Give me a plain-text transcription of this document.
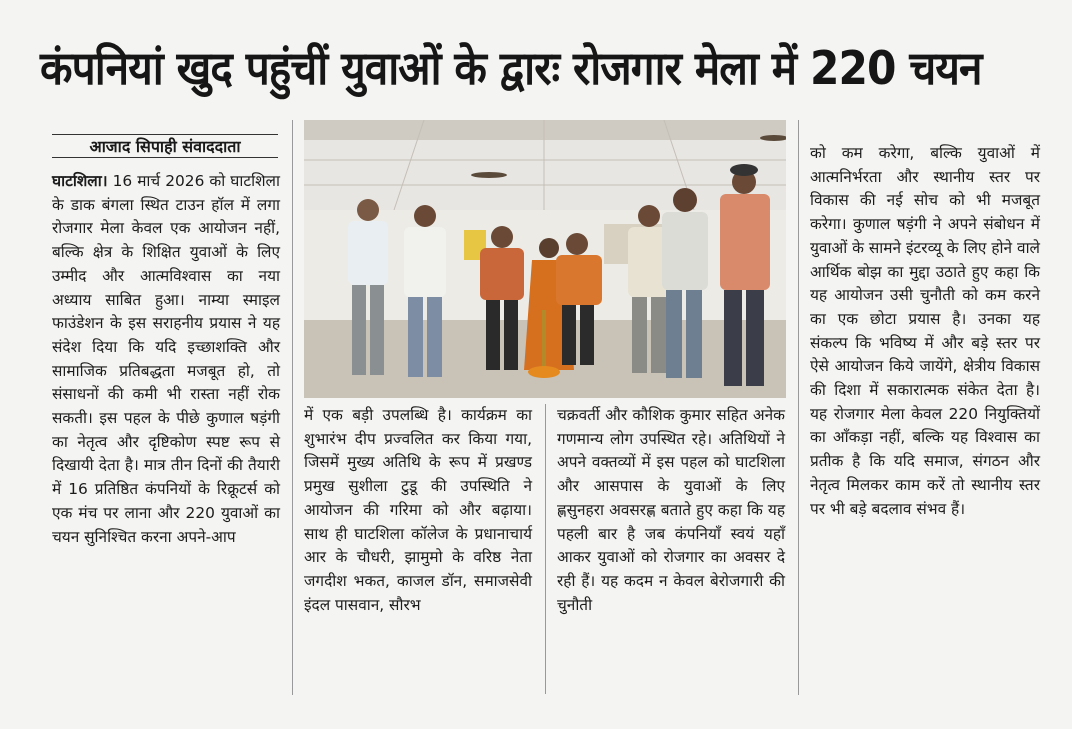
कंपनियां खुद पहुंचीं युवाओं के द्वारः रोजगार मेला में 220 चयन
आजाद सिपाही संवाददाता
घाटशिला। 16 मार्च 2026 को घाटशिला के डाक बंगला स्थित टाउन हॉल में लगा रोजगार मेला केवल एक आयोजन नहीं, बल्कि क्षेत्र के शिक्षित युवाओं के लिए उम्मीद और आत्मविश्वास का नया अध्याय साबित हुआ। नाम्या स्माइल फाउंडेशन के इस सराहनीय प्रयास ने यह संदेश दिया कि यदि इच्छाशक्ति और सामाजिक प्रतिबद्धता मजबूत हो, तो संसाधनों की कमी भी रास्ता नहीं रोक सकती। इस पहल के पीछे कुणाल षड़ंगी का नेतृत्व और दृष्टिकोण स्पष्ट रूप से दिखायी देता है। मात्र तीन दिनों की तैयारी में 16 प्रतिष्ठित कंपनियों के रिक्रूटर्स को एक मंच पर लाना और 220 युवाओं का चयन सुनिश्चित करना अपने-आप
में एक बड़ी उपलब्धि है। कार्यक्रम का शुभारंभ दीप प्रज्वलित कर किया गया, जिसमें मुख्य अतिथि के रूप में प्रखण्ड प्रमुख सुशीला टुडू की उपस्थिति ने आयोजन की गरिमा को और बढ़ाया। साथ ही घाटशिला कॉलेज के प्रधानाचार्य आर के चौधरी, झामुमो के वरिष्ठ नेता जगदीश भकत, काजल डॉन, समाजसेवी इंदल पासवान, सौरभ
चक्रवर्ती और कौशिक कुमार सहित अनेक गणमान्य लोग उपस्थित रहे। अतिथियों ने अपने वक्तव्यों में इस पहल को घाटशिला और आसपास के युवाओं के लिए ह्णसुनहरा अवसरह्ण बताते हुए कहा कि यह पहली बार है जब कंपनियाँ स्वयं यहाँ आकर युवाओं को रोजगार का अवसर दे रही हैं। यह कदम न केवल बेरोजगारी की चुनौती
को कम करेगा, बल्कि युवाओं में आत्मनिर्भरता और स्थानीय स्तर पर विकास की नई सोच को भी मजबूत करेगा। कुणाल षड़ंगी ने अपने संबोधन में युवाओं के सामने इंटरव्यू के लिए होने वाले आर्थिक बोझ का मुद्दा उठाते हुए कहा कि यह आयोजन उसी चुनौती को कम करने का एक छोटा प्रयास है। उनका यह संकल्प कि भविष्य में और बड़े स्तर पर ऐसे आयोजन किये जायेंगे, क्षेत्रीय विकास की दिशा में सकारात्मक संकेत देता है। यह रोजगार मेला केवल 220 नियुक्तियों का आँकड़ा नहीं, बल्कि यह विश्वास का प्रतीक है कि यदि समाज, संगठन और नेतृत्व मिलकर काम करें तो स्थानीय स्तर पर भी बड़े बदलाव संभव हैं।
